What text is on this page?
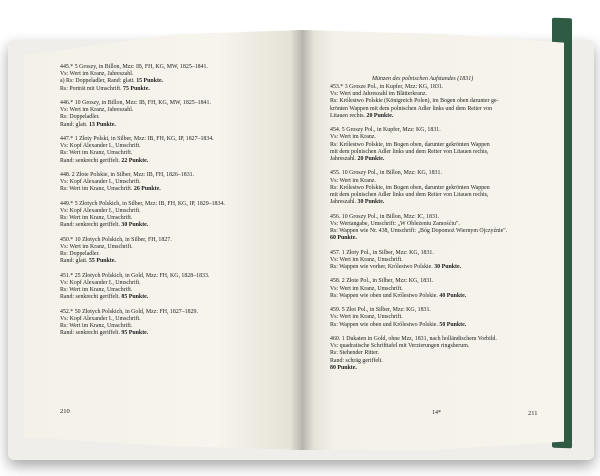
445.* 5 Groszy, in Billon, Mzz: IB, FH, KG, MW, 1825–1841.

Vs: Wert im Kranz, Jahreszahl.

a) Rs: Doppeladler, Rand: glatt. 15 Punkte.

Rs: Porträt mit Umschrift. 75 Punkte.

446.* 10 Groszy, in Billon, Mzz: IB, FH, KG, MW, 1825–1841.

Vs: Wert im Kranz, Jahreszahl.

Rs: Doppeladler.

Rand: glatt. 13 Punkte.

447.* 1 Złoty Polski, in Silber, Mzz: IB, FH, KG, IP, 1827–1834.

Vs: Kopf Alexander I., Umschrift.

Rs: Wert im Kranz, Umschrift.

Rand: senkrecht geriffelt. 22 Punkte.

448. 2 Złote Polskie, in Silber, Mzz: IB, FH, 1826–1831.

Vs: Kopf Alexander I., Umschrift.

Rs: Wert im Kranz, Umschrift. 26 Punkte.

449.* 5 Złotych Polskich, in Silber, Mzz: IB, FH, KG, IP, 1829–1834.

Vs: Kopf Alexander I., Umschrift.

Rs: Wert im Kranz, Umschrift.

Rand: senkrecht geriffelt. 30 Punkte.

450.* 10 Złotych Polskich, in Silber, FH, 1827.

Vs: Wert im Kranz, Umschrift.

Rs: Doppeladler.

Rand: glatt. 55 Punkte.

451.* 25 Złotych Polskich, in Gold, Mzz: FH, KG, 1828–1833.

Vs: Kopf Alexander I., Umschrift.

Rs: Wert im Kranz, Umschrift.

Rand: senkrecht geriffelt. 85 Punkte.

452.* 50 Złotych Polskich, in Gold, Mzz: FH, 1827–1829.

Vs: Kopf Alexander I., Umschrift.

Rs: Wert im Kranz, Umschrift.

Rand: senkrecht geriffelt. 95 Punkte.

Münzen des polnischen Aufstandes (1831)

453.* 3 Grosze Pol., in Kupfer, Mzz: KG, 1831.

Vs: Wert und Jahreszahl im Blätterkranz.

Rs: Królestwo Polskie (Königreich Polen), im Bogen oben darunter ge-

krönten Wappen mit dem polnischen Adler links und dem Reiter von

Litauen rechts. 20 Punkte.

454. 5 Groszy Pol., in Kupfer, Mzz: KG, 1831.

Vs: Wert im Kranz.

Rs: Królestwo Polskie, im Bogen oben, darunter gekrönten Wappen

mit dem polnischen Adler links und dem Reiter von Litauen rechts,

Jahreszahl. 20 Punkte.

455. 10 Groszy Pol., in Billon, Mzz: KG, 1831.

Vs: Wert im Kranz.

Rs: Królestwo Polskie, im Bogen oben, darunter gekrönten Wappen

mit dem polnischen Adler links und dem Reiter von Litauen rechts,

Jahreszahl. 30 Punkte.

456. 10 Groszy Pol., in Billon, Mzz: IC, 1831.

Vs: Wertangabe, Umschrift: „W Obleżeniu Zamośćiu".

Rs: Wappen wie Nr. 438, Umschrift: „Bóg Dopomoż Wiernym Ojczyźnie".

60 Punkte.

457. 1 Złoty Pol., in Silber, Mzz: KG, 1831.

Vs: Wert im Kranz, Umschrift.

Rs: Wappen wie vorher, Królestwo Polskie. 30 Punkte.

458. 2 Złote Pol., in Silber, Mzz: KG, 1831.

Vs: Wert im Kranz, Umschrift.

Rs: Wappen wie oben und Królestwo Polskie. 40 Punkte.

459. 5 Złot Pol., in Silber, Mzz: KG, 1831.

Vs: Wert im Kranz, Umschrift.

Rs: Wappen wie oben und Królestwo Polskie. 50 Punkte.

460. 1 Dukaten in Gold, ohne Mzz, 1831, nach holländischem Vorbild.

Vs: quadratische Schrifttafel mit Verzierungen ringsherum.

Rs: Stehender Ritter.

Rand: schräg geriffelt.

80 Punkte.

210	14*	211
